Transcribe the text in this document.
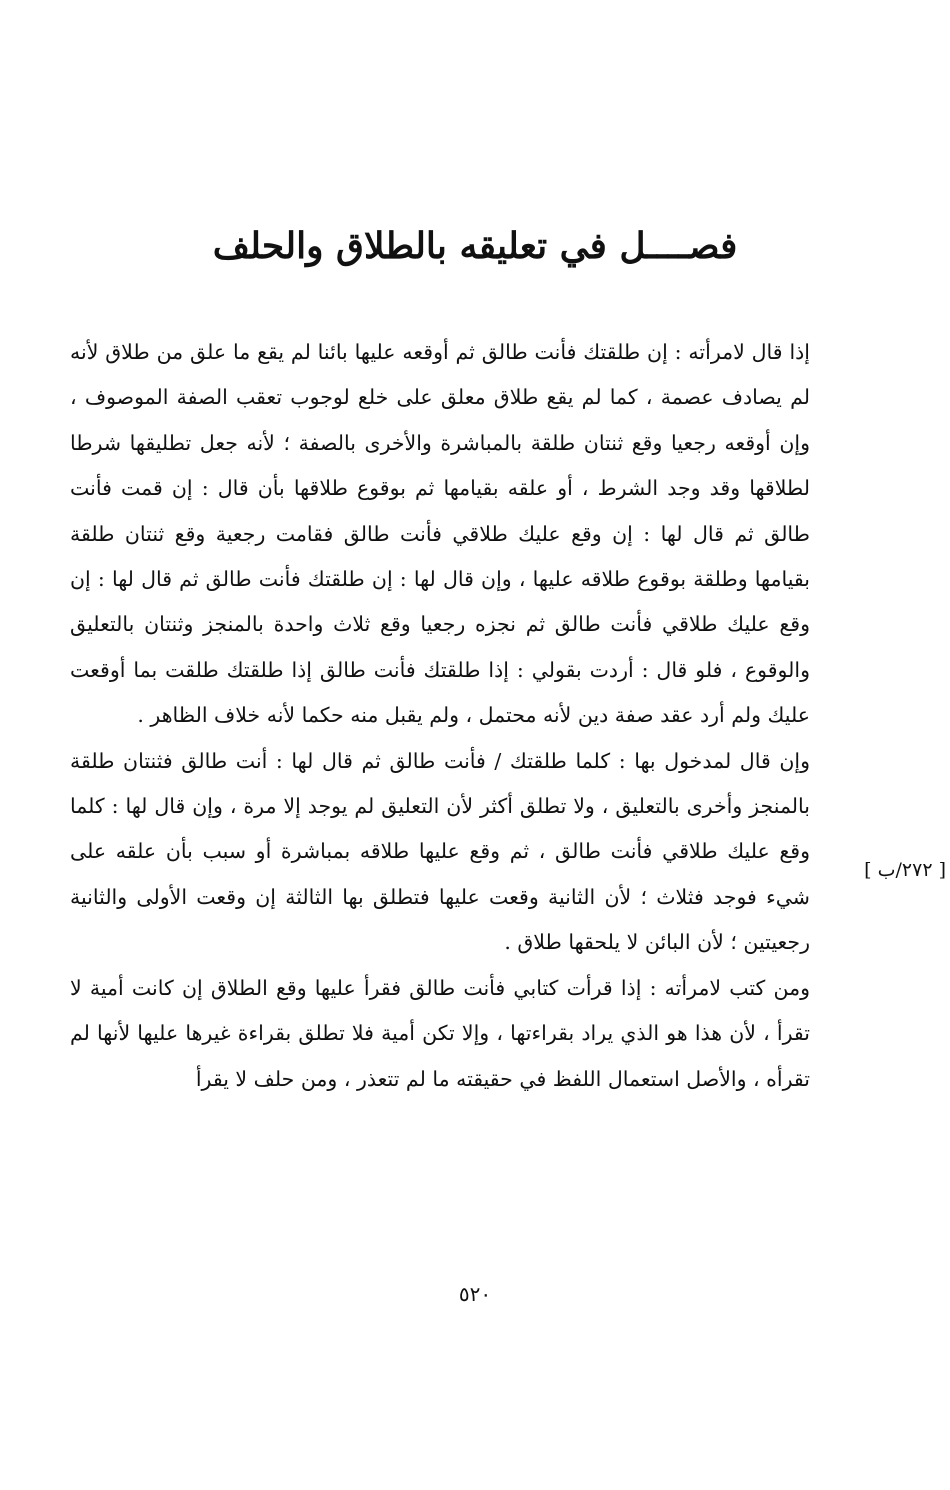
فصــــل في تعليقه بالطلاق والحلف

إذا قال لامرأته : إن طلقتك فأنت طالق ثم أوقعه عليها بائنا لم يقع ما علق من طلاق لأنه لم يصادف عصمة ، كما لم يقع طلاق معلق على خلع لوجوب تعقب الصفة الموصوف ، وإن أوقعه رجعيا وقع ثنتان طلقة بالمباشرة والأخرى بالصفة ؛ لأنه جعل تطليقها شرطا لطلاقها وقد وجد الشرط ، أو علقه بقيامها ثم بوقوع طلاقها بأن قال : إن قمت فأنت طالق ثم قال لها : إن وقع عليك طلاقي فأنت طالق فقامت رجعية وقع ثنتان طلقة بقيامها وطلقة بوقوع طلاقه عليها ، وإن قال لها : إن طلقتك فأنت طالق ثم قال لها : إن وقع عليك طلاقي فأنت طالق ثم نجزه رجعيا وقع ثلاث واحدة بالمنجز وثنتان بالتعليق والوقوع ، فلو قال : أردت بقولي : إذا طلقتك فأنت طالق إذا طلقتك طلقت بما أوقعت عليك ولم أرد عقد صفة دين لأنه محتمل ، ولم يقبل منه حكما لأنه خلاف الظاهر .

وإن قال لمدخول بها : كلما طلقتك / فأنت طالق ثم قال لها : أنت طالق فثنتان طلقة بالمنجز وأخرى بالتعليق ، ولا تطلق أكثر لأن التعليق لم يوجد إلا مرة ، وإن قال لها : كلما وقع عليك طلاقي فأنت طالق ، ثم وقع عليها طلاقه بمباشرة أو سبب بأن علقه على شيء فوجد فثلاث ؛ لأن الثانية وقعت عليها فتطلق بها الثالثة إن وقعت الأولى والثانية رجعيتين ؛ لأن البائن لا يلحقها طلاق .

ومن كتب لامرأته : إذا قرأت كتابي فأنت طالق فقرأ عليها وقع الطلاق إن كانت أمية لا تقرأ ، لأن هذا هو الذي يراد بقراءتها ، وإلا تكن أمية فلا تطلق بقراءة غيرها عليها لأنها لم تقرأه ، والأصل استعمال اللفظ في حقيقته ما لم تتعذر ، ومن حلف لا يقرأ

[ ٢٧٢/ب ]
٥٢٠
